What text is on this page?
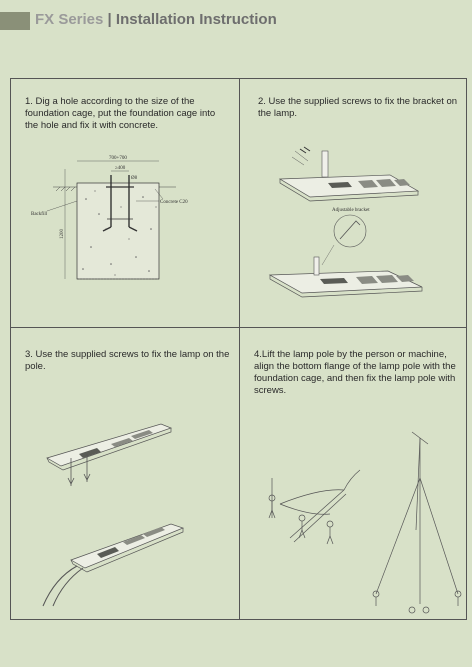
FX Series | Installation Instruction
1. Dig a hole according to the size of the foundation cage, put the foundation cage into the hole and fix it with concrete.
700+700
≥400
Ø8
Concrete C20
Backfill
1200
2. Use the supplied screws to fix the bracket on the lamp.
Adjustable bracket
3. Use the supplied screws to fix the lamp on the pole.
4.Lift the lamp pole by the person or machine, align the bottom flange of the lamp pole with the foundation cage, and then fix the lamp pole with screws.
